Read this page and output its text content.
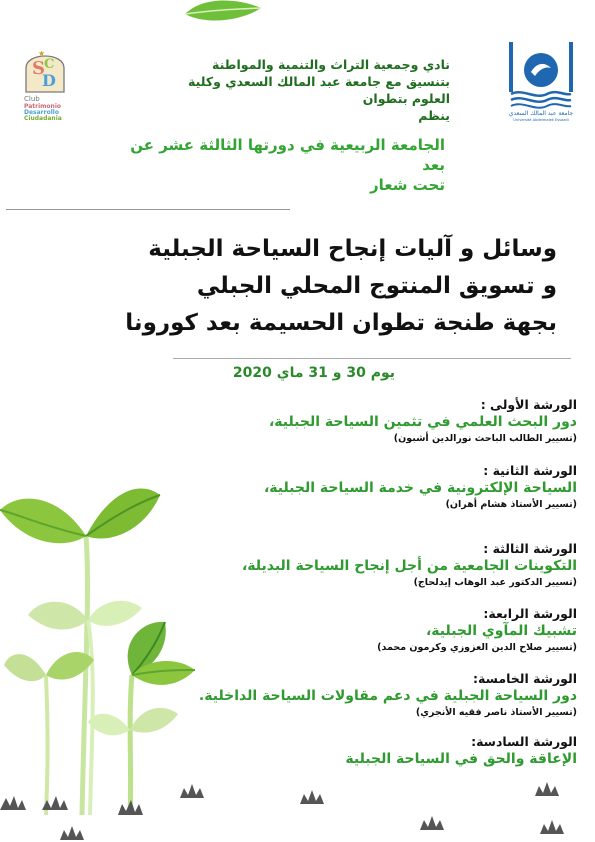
S
D
C
★
Club
Patrimonio
Desarrollo
Ciudadania
جامعة عبد المالك السعدي
Université Abdelmalek Essaadi
نادي وجمعية التراث والتنمية والمواطنة
بتنسيق مع جامعة عبد المالك السعدي وكلية العلوم بتطوان
ينظم
الجامعة الربيعية في دورتها الثالثة عشر عن بعد
تحت شعار
وسائل و آليات إنجاح السياحة الجبلية
و تسويق المنتوج المحلي الجبلي
بجهة طنجة تطوان الحسيمة بعد كورونا
يوم 30 و 31 ماي 2020
الورشة الأولى :
دور البحث العلمي في تثمين السياحة الجبلية،
(تسيير الطالب الباحث نورالدين أشبون)
الورشة الثانية :
السياحة الإلكترونية في خدمة السياحة الجبلية،
(تسيير الأستاذ هشام أهران)
الورشة الثالثة :
التكوينات الجامعية من أجل إنجاح السياحة البديلة،
(تسيير الدكتور عبد الوهاب إيدلحاج)
الورشة الرابعة:
تشبيك المآوي الجبلية،
(تسيير صلاح الدين العزوزي وكرمون محمد)
الورشة الخامسة:
دور السياحة الجبلية في دعم مقاولات السياحة الداخلية.
(تسيير الأستاذ ناصر فقيه الأنجري)
الورشة السادسة:
الإعاقة والحق في السياحة الجبلية
